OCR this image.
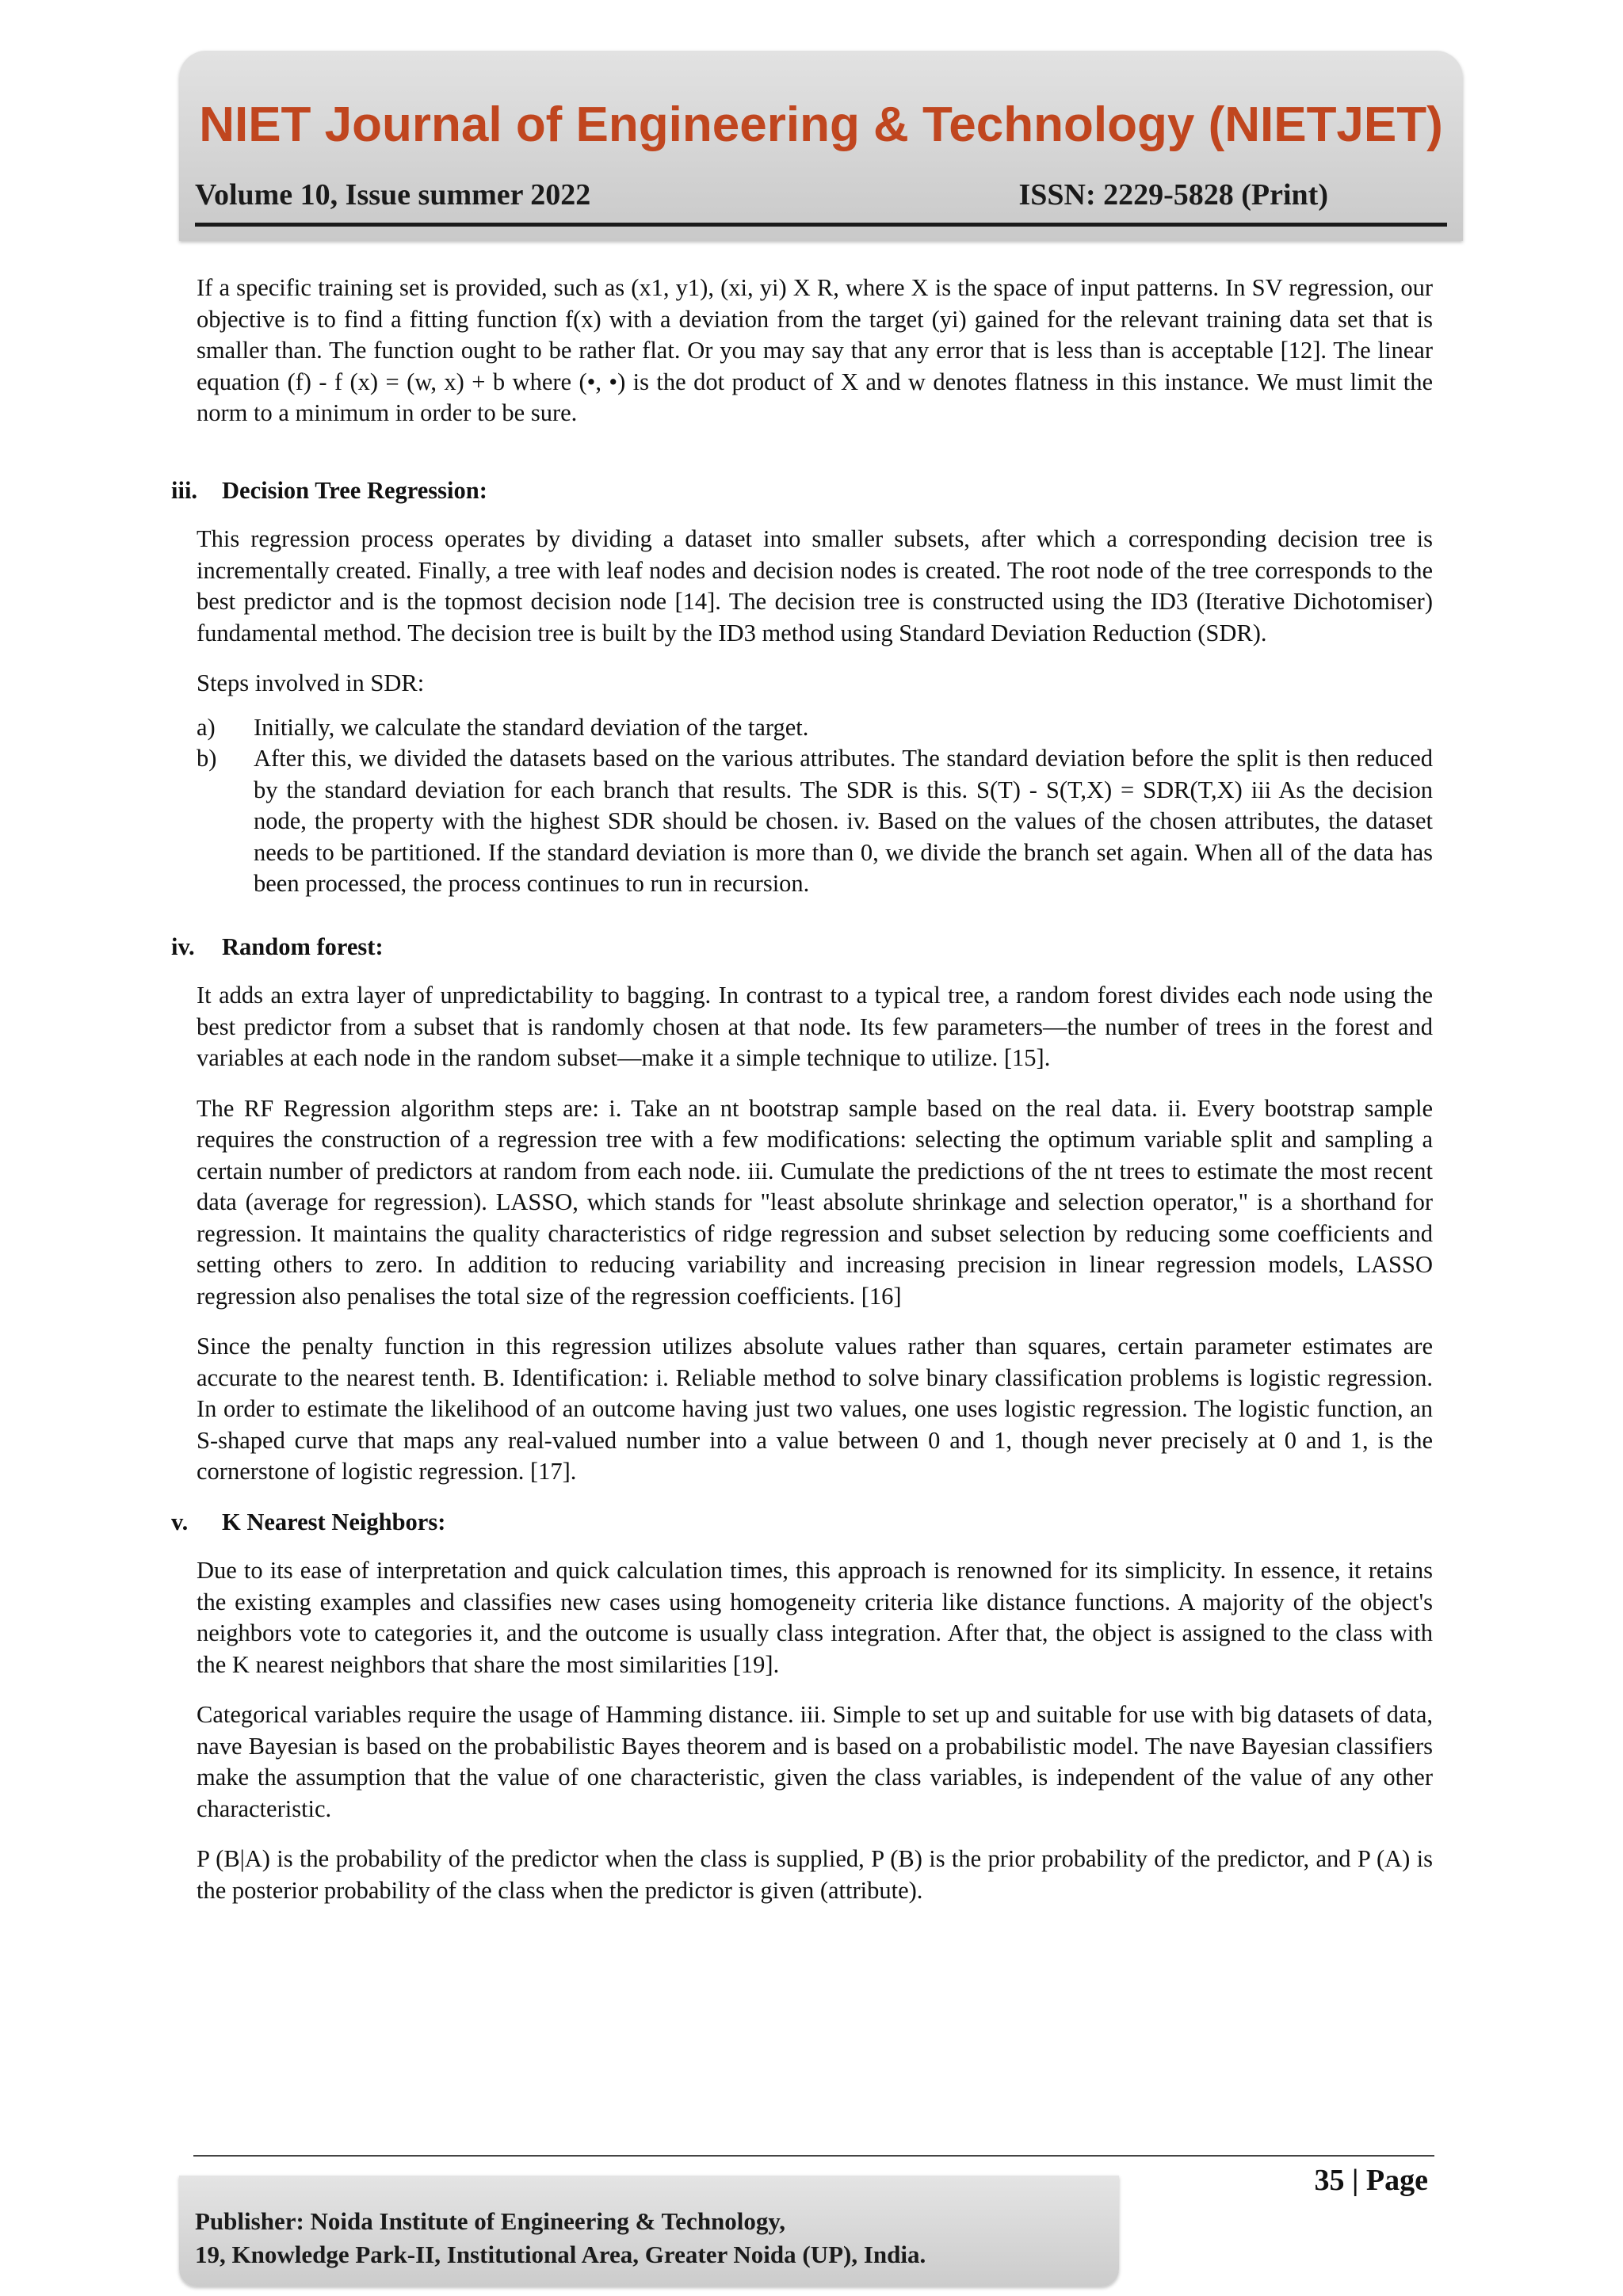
NIET Journal of Engineering & Technology (NIETJET)
Volume 10, Issue summer 2022	ISSN: 2229-5828 (Print)

If a specific training set is provided, such as (x1, y1), (xi, yi) X R, where X is the space of input patterns. In SV regression, our objective is to find a fitting function f(x) with a deviation from the target (yi) gained for the relevant training data set that is smaller than. The function ought to be rather flat. Or you may say that any error that is less than is acceptable [12]. The linear equation (f) - f (x) = (w, x) + b where (•, •) is the dot product of X and w denotes flatness in this instance. We must limit the norm to a minimum in order to be sure.

iii.	Decision Tree Regression:

This regression process operates by dividing a dataset into smaller subsets, after which a corresponding decision tree is incrementally created. Finally, a tree with leaf nodes and decision nodes is created. The root node of the tree corresponds to the best predictor and is the topmost decision node [14]. The decision tree is constructed using the ID3 (Iterative Dichotomiser) fundamental method. The decision tree is built by the ID3 method using Standard Deviation Reduction (SDR).

Steps involved in SDR:

a)	Initially, we calculate the standard deviation of the target.
b)	After this, we divided the datasets based on the various attributes. The standard deviation before the split is then reduced by the standard deviation for each branch that results. The SDR is this. S(T) - S(T,X) = SDR(T,X) iii As the decision node, the property with the highest SDR should be chosen. iv. Based on the values of the chosen attributes, the dataset needs to be partitioned. If the standard deviation is more than 0, we divide the branch set again. When all of the data has been processed, the process continues to run in recursion.
iv.	Random forest:

It adds an extra layer of unpredictability to bagging. In contrast to a typical tree, a random forest divides each node using the best predictor from a subset that is randomly chosen at that node. Its few parameters—the number of trees in the forest and variables at each node in the random subset—make it a simple technique to utilize. [15].

The RF Regression algorithm steps are: i. Take an nt bootstrap sample based on the real data. ii. Every bootstrap sample requires the construction of a regression tree with a few modifications: selecting the optimum variable split and sampling a certain number of predictors at random from each node. iii. Cumulate the predictions of the nt trees to estimate the most recent data (average for regression). LASSO, which stands for "least absolute shrinkage and selection operator," is a shorthand for regression. It maintains the quality characteristics of ridge regression and subset selection by reducing some coefficients and setting others to zero. In addition to reducing variability and increasing precision in linear regression models, LASSO regression also penalises the total size of the regression coefficients. [16]

Since the penalty function in this regression utilizes absolute values rather than squares, certain parameter estimates are accurate to the nearest tenth. B. Identification: i. Reliable method to solve binary classification problems is logistic regression. In order to estimate the likelihood of an outcome having just two values, one uses logistic regression. The logistic function, an S-shaped curve that maps any real-valued number into a value between 0 and 1, though never precisely at 0 and 1, is the cornerstone of logistic regression. [17].

v.	K Nearest Neighbors:

Due to its ease of interpretation and quick calculation times, this approach is renowned for its simplicity. In essence, it retains the existing examples and classifies new cases using homogeneity criteria like distance functions. A majority of the object's neighbors vote to categories it, and the outcome is usually class integration. After that, the object is assigned to the class with the K nearest neighbors that share the most similarities [19].

Categorical variables require the usage of Hamming distance. iii. Simple to set up and suitable for use with big datasets of data, nave Bayesian is based on the probabilistic Bayes theorem and is based on a probabilistic model. The nave Bayesian classifiers make the assumption that the value of one characteristic, given the class variables, is independent of the value of any other characteristic.

P (B|A) is the probability of the predictor when the class is supplied, P (B) is the prior probability of the predictor, and P (A) is the posterior probability of the class when the predictor is given (attribute).

35 | Page
Publisher: Noida Institute of Engineering & Technology,
19, Knowledge Park-II, Institutional Area, Greater Noida (UP), India.
